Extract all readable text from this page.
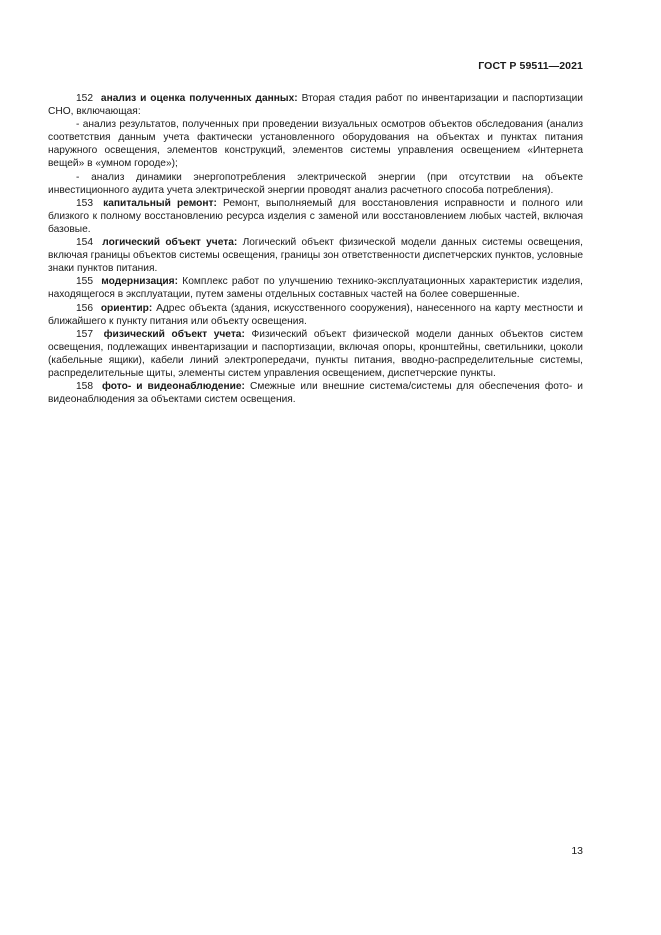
ГОСТ Р 59511—2021

152 анализ и оценка полученных данных: Вторая стадия работ по инвентаризации и паспортизации СНО, включающая:

- анализ результатов, полученных при проведении визуальных осмотров объектов обследования (анализ соответствия данным учета фактически установленного оборудования на объектах и пунктах питания наружного освещения, элементов конструкций, элементов системы управления освещением «Интернета вещей» в «умном городе»);

- анализ динамики энергопотребления электрической энергии (при отсутствии на объекте инвестиционного аудита учета электрической энергии проводят анализ расчетного способа потребления).

153 капитальный ремонт: Ремонт, выполняемый для восстановления исправности и полного или близкого к полному восстановлению ресурса изделия с заменой или восстановлением любых частей, включая базовые.

154 логический объект учета: Логический объект физической модели данных системы освещения, включая границы объектов системы освещения, границы зон ответственности диспетчерских пунктов, условные знаки пунктов питания.

155 модернизация: Комплекс работ по улучшению технико-эксплуатационных характеристик изделия, находящегося в эксплуатации, путем замены отдельных составных частей на более совершенные.

156 ориентир: Адрес объекта (здания, искусственного сооружения), нанесенного на карту местности и ближайшего к пункту питания или объекту освещения.

157 физический объект учета: Физический объект физической модели данных объектов систем освещения, подлежащих инвентаризации и паспортизации, включая опоры, кронштейны, светильники, цоколи (кабельные ящики), кабели линий электропередачи, пункты питания, вводно-распределительные системы, распределительные щиты, элементы систем управления освещением, диспетчерские пункты.

158 фото- и видеонаблюдение: Смежные или внешние система/системы для обеспечения фото- и видеонаблюдения за объектами систем освещения.

13
